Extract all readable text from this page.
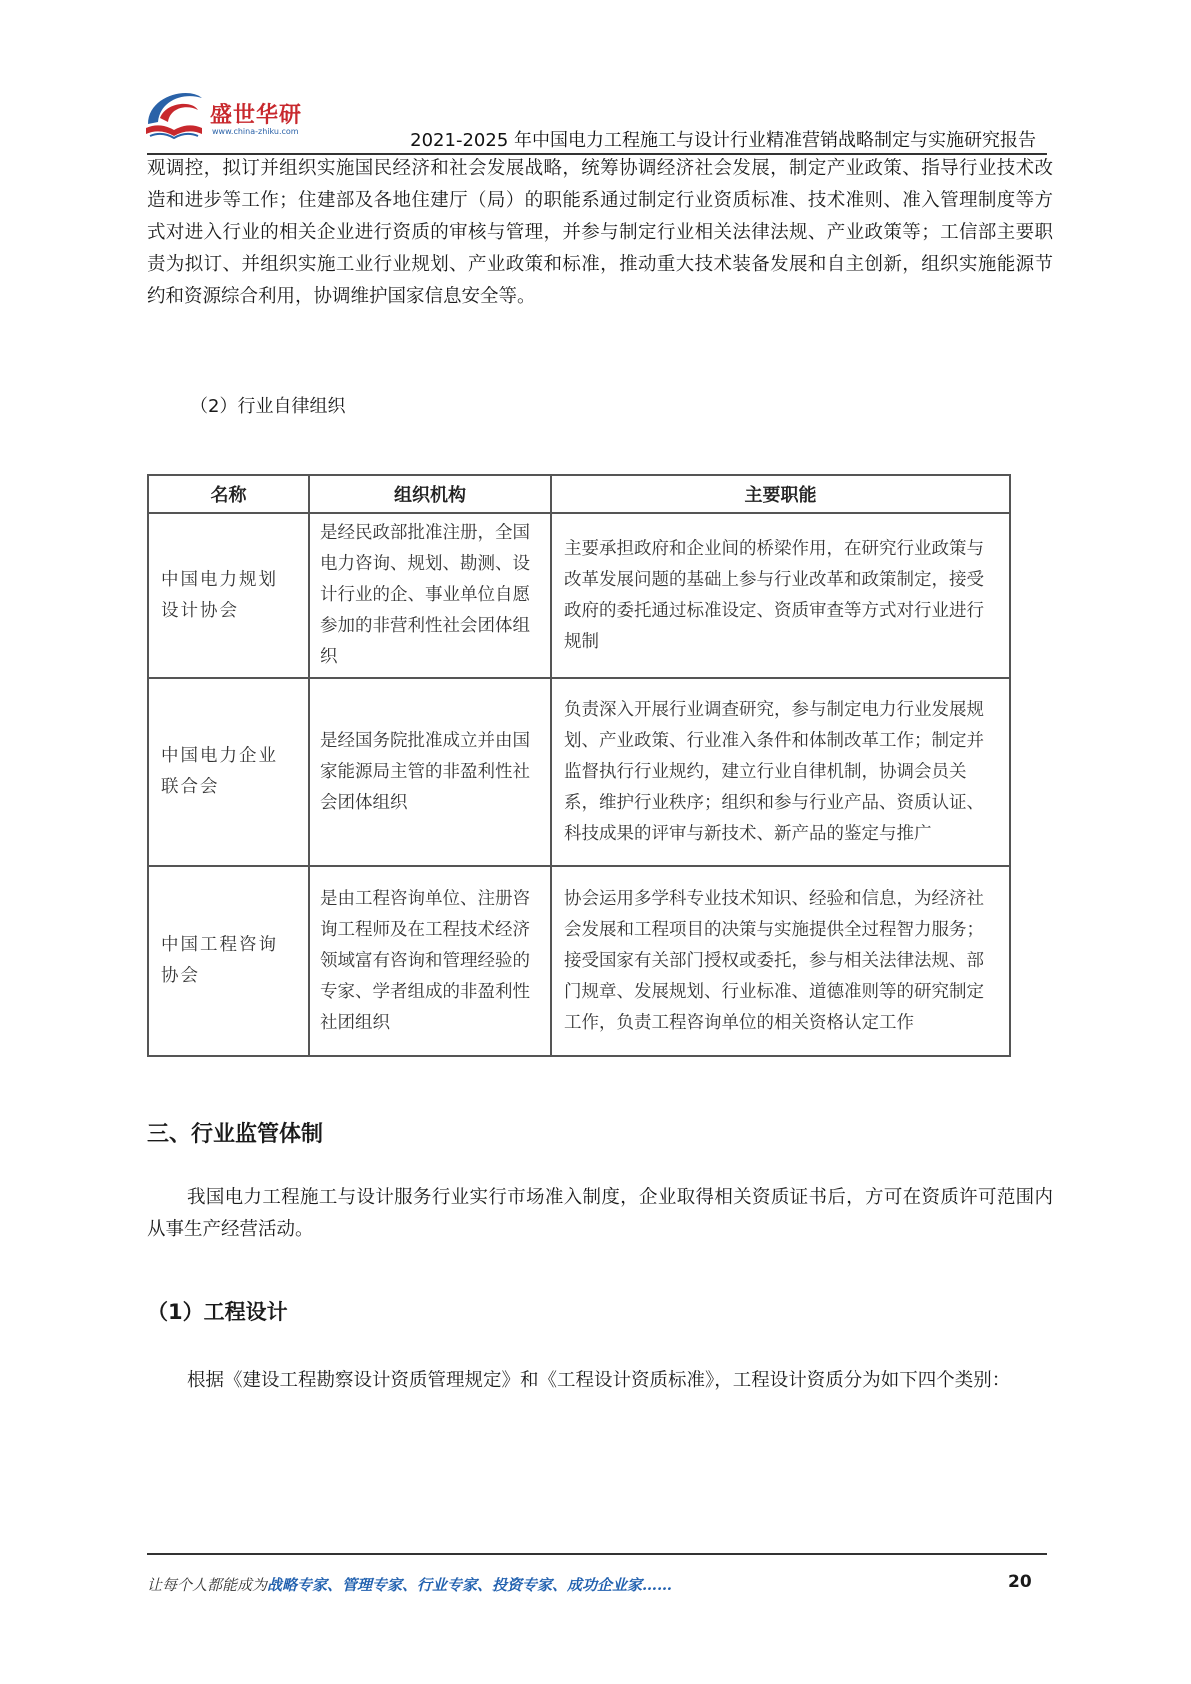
盛世华研
www.china-zhiku.com	2021-2025 年中国电力工程施工与设计行业精准营销战略制定与实施研究报告

观调控，拟订并组织实施国民经济和社会发展战略，统筹协调经济社会发展，制定产业政策、指导行业技术改造和进步等工作；住建部及各地住建厅（局）的职能系通过制定行业资质标准、技术准则、准入管理制度等方式对进入行业的相关企业进行资质的审核与管理，并参与制定行业相关法律法规、产业政策等；工信部主要职责为拟订、并组织实施工业行业规划、产业政策和标准，推动重大技术装备发展和自主创新，组织实施能源节约和资源综合利用，协调维护国家信息安全等。

（2）行业自律组织
名称	组织机构	主要职能
中国电力规划设计协会	是经民政部批准注册，全国电力咨询、规划、勘测、设计行业的企、事业单位自愿参加的非营利性社会团体组织	主要承担政府和企业间的桥梁作用，在研究行业政策与改革发展问题的基础上参与行业改革和政策制定，接受政府的委托通过标准设定、资质审查等方式对行业进行规制
中国电力企业联合会	是经国务院批准成立并由国家能源局主管的非盈利性社会团体组织	负责深入开展行业调查研究，参与制定电力行业发展规划、产业政策、行业准入条件和体制改革工作；制定并监督执行行业规约，建立行业自律机制，协调会员关系，维护行业秩序；组织和参与行业产品、资质认证、科技成果的评审与新技术、新产品的鉴定与推广
中国工程咨询协会	是由工程咨询单位、注册咨询工程师及在工程技术经济领域富有咨询和管理经验的专家、学者组成的非盈利性社团组织	协会运用多学科专业技术知识、经验和信息，为经济社会发展和工程项目的决策与实施提供全过程智力服务；接受国家有关部门授权或委托，参与相关法律法规、部门规章、发展规划、行业标准、道德准则等的研究制定工作，负责工程咨询单位的相关资格认定工作
三、行业监管体制

我国电力工程施工与设计服务行业实行市场准入制度，企业取得相关资质证书后，方可在资质许可范围内从事生产经营活动。

（1）工程设计

根据《建设工程勘察设计资质管理规定》和《工程设计资质标准》，工程设计资质分为如下四个类别：

让每个人都能成为战略专家、管理专家、行业专家、投资专家、成功企业家……	20
